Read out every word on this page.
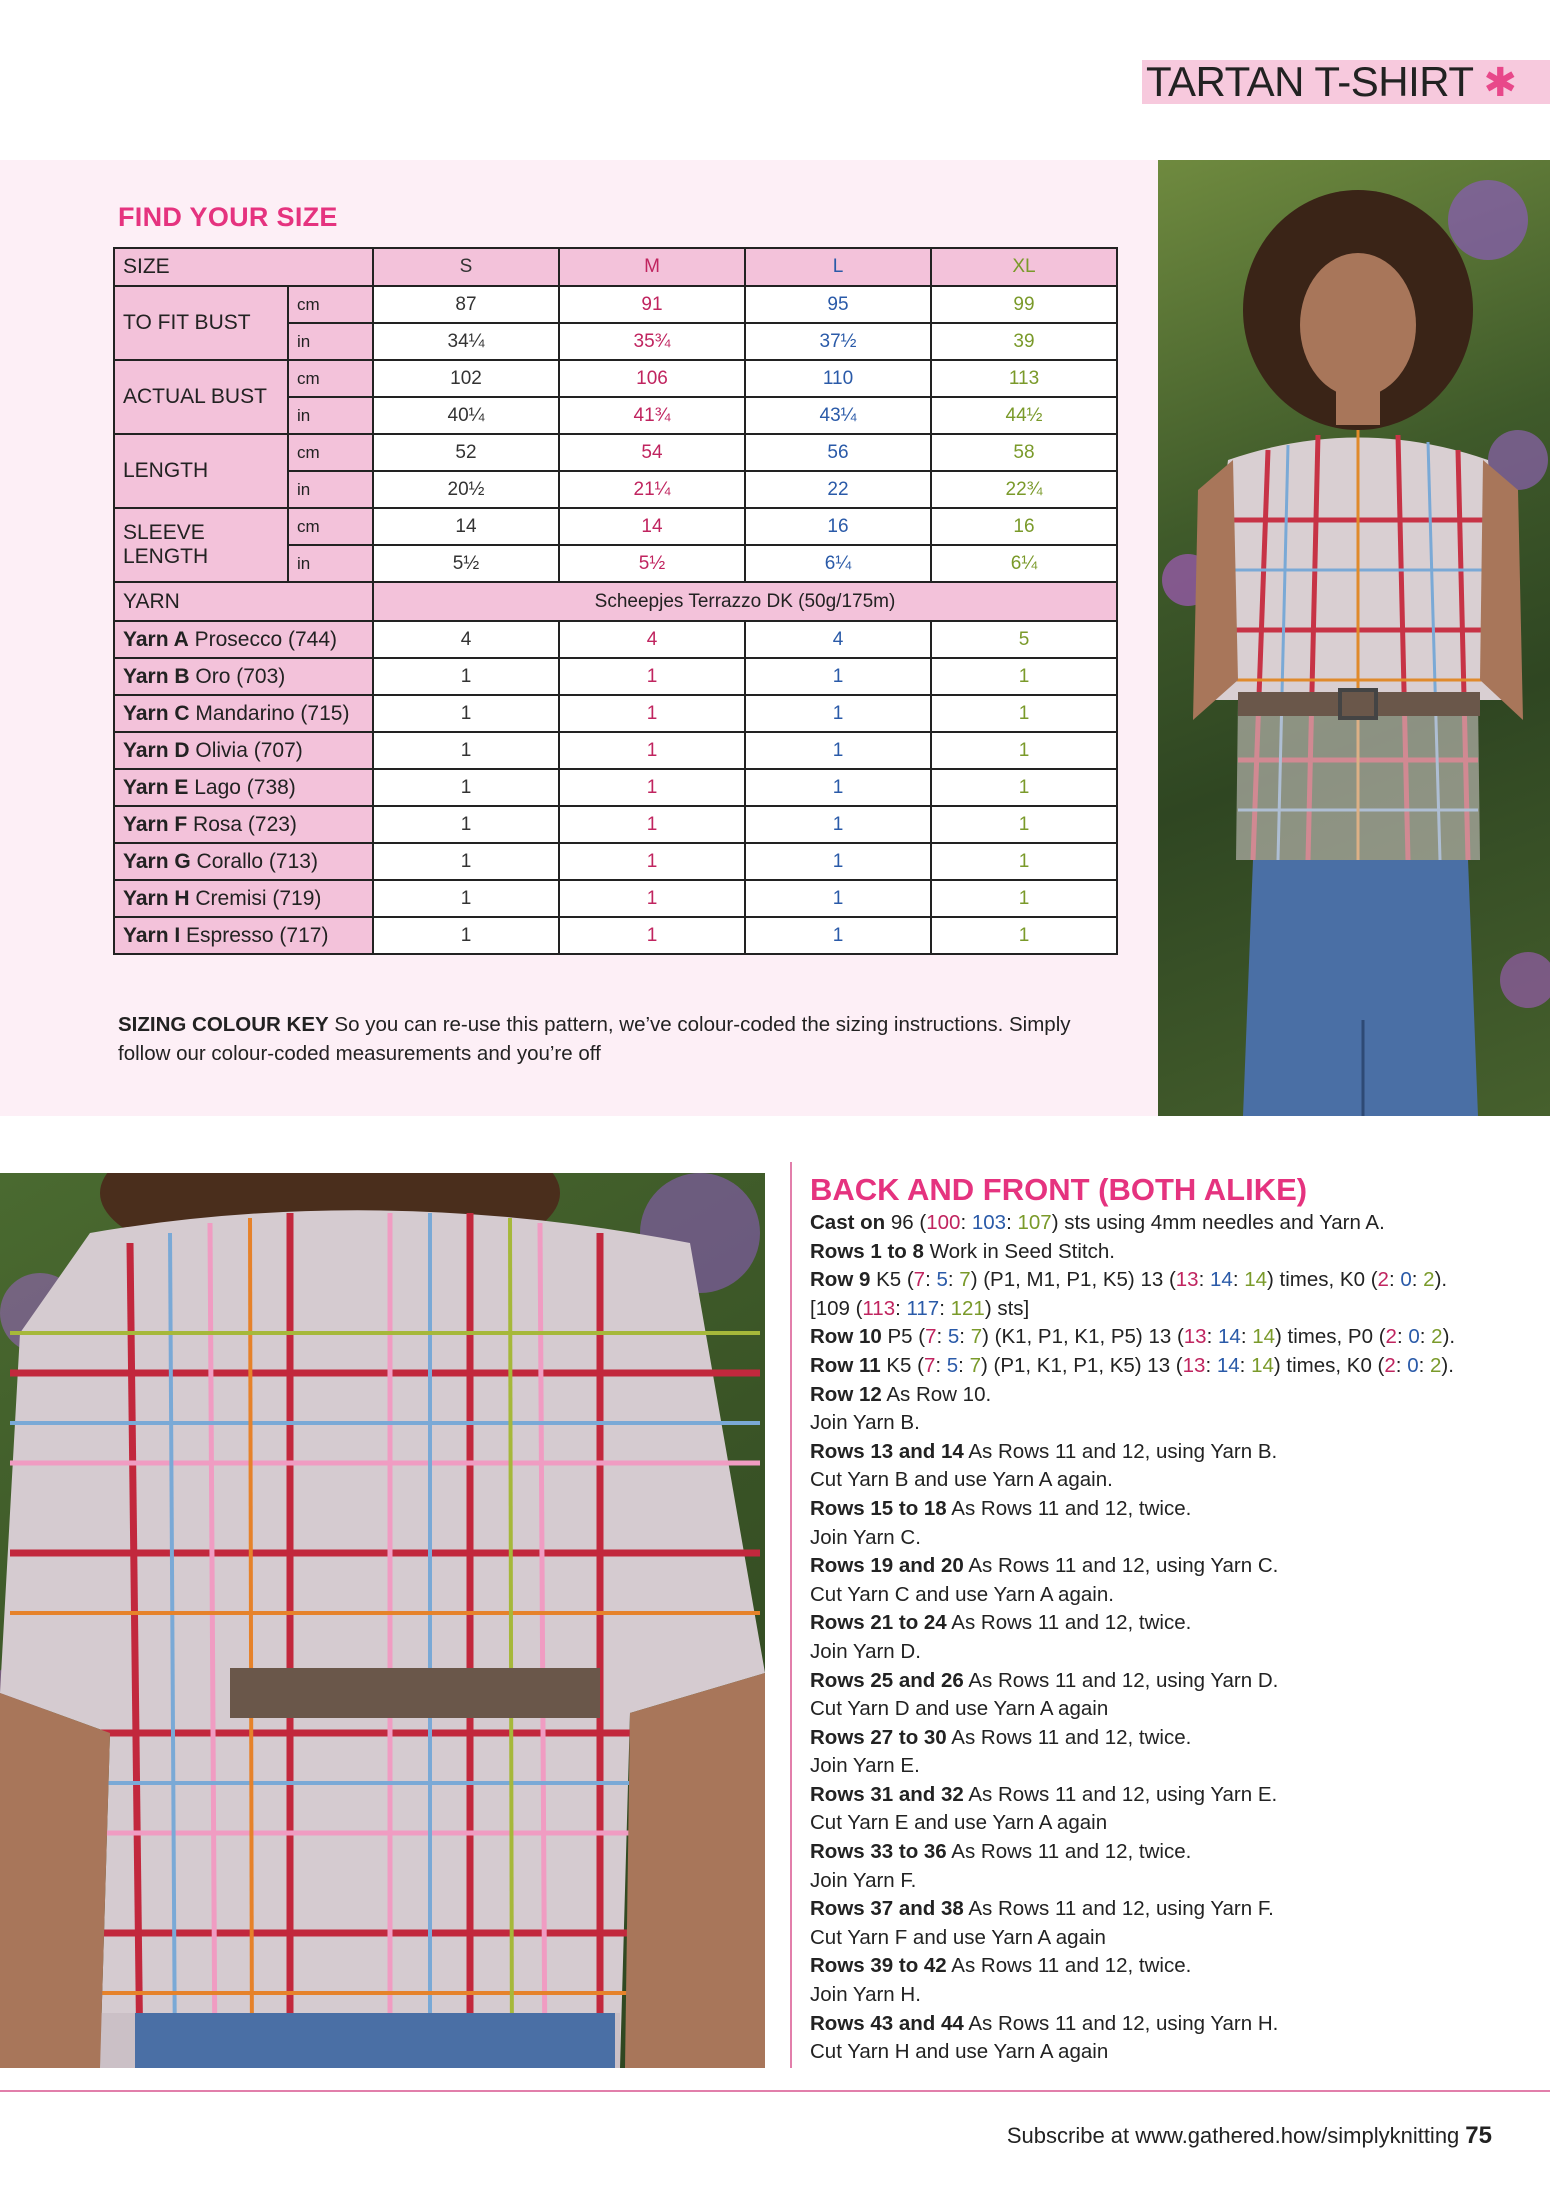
TARTAN T-SHIRT ✱
FIND YOUR SIZE
SIZE		S	M	L	XL
TO FIT BUST	cm	87	91	95	99
	in	34¼	35¾	37½	39
ACTUAL BUST	cm	102	106	110	113
	in	40¼	41¾	43¼	44½
LENGTH	cm	52	54	56	58
	in	20½	21¼	22	22¾
SLEEVE LENGTH	cm	14	14	16	16
	in	5½	5½	6¼	6¼
YARN		Scheepjes Terrazzo DK (50g/175m)			
Yarn A Prosecco (744)		4	4	4	5
Yarn B Oro (703)		1	1	1	1
Yarn C Mandarino (715)		1	1	1	1
Yarn D Olivia (707)		1	1	1	1
Yarn E Lago (738)		1	1	1	1
Yarn F Rosa (723)		1	1	1	1
Yarn G Corallo (713)		1	1	1	1
Yarn H Cremisi (719)		1	1	1	1
Yarn I Espresso (717)		1	1	1	1
SIZING COLOUR KEY So you can re-use this pattern, we’ve colour-coded the sizing instructions. Simply follow our colour-coded measurements and you’re off
BACK AND FRONT (BOTH ALIKE)
Cast on 96 (100: 103: 107) sts using 4mm needles and Yarn A.
Rows 1 to 8 Work in Seed Stitch.
Row 9 K5 (7: 5: 7) (P1, M1, P1, K5) 13 (13: 14: 14) times, K0 (2: 0: 2).
[109 (113: 117: 121) sts]
Row 10 P5 (7: 5: 7) (K1, P1, K1, P5) 13 (13: 14: 14) times, P0 (2: 0: 2).
Row 11 K5 (7: 5: 7) (P1, K1, P1, K5) 13 (13: 14: 14) times, K0 (2: 0: 2).
Row 12 As Row 10.
Join Yarn B.
Rows 13 and 14 As Rows 11 and 12, using Yarn B.
Cut Yarn B and use Yarn A again.
Rows 15 to 18 As Rows 11 and 12, twice.
Join Yarn C.
Rows 19 and 20 As Rows 11 and 12, using Yarn C.
Cut Yarn C and use Yarn A again.
Rows 21 to 24 As Rows 11 and 12, twice.
Join Yarn D.
Rows 25 and 26 As Rows 11 and 12, using Yarn D.
Cut Yarn D and use Yarn A again
Rows 27 to 30 As Rows 11 and 12, twice.
Join Yarn E.
Rows 31 and 32 As Rows 11 and 12, using Yarn E.
Cut Yarn E and use Yarn A again
Rows 33 to 36 As Rows 11 and 12, twice.
Join Yarn F.
Rows 37 and 38 As Rows 11 and 12, using Yarn F.
Cut Yarn F and use Yarn A again
Rows 39 to 42 As Rows 11 and 12, twice.
Join Yarn H.
Rows 43 and 44 As Rows 11 and 12, using Yarn H.
Cut Yarn H and use Yarn A again
Subscribe at www.gathered.how/simplyknitting 75
